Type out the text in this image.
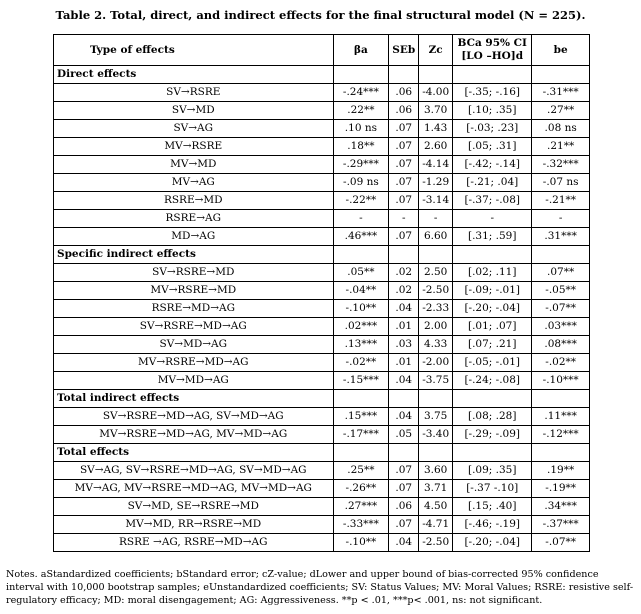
Table 2. Total, direct, and indirect effects for the final structural model (N = 225).
Type of effects	βa	SEb	Zc	BCa 95% CI [LO –HO]d	be
Direct effects					
SV→RSRE	-.24***	.06	-4.00	[-.35; -.16]	-.31***
SV→MD	.22**	.06	3.70	[.10; .35]	.27**
SV→AG	.10 ns	.07	1.43	[-.03; .23]	.08 ns
MV→RSRE	.18**	.07	2.60	[.05; .31]	.21**
MV→MD	-.29***	.07	-4.14	[-.42; -.14]	-.32***
MV→AG	-.09 ns	.07	-1.29	[-.21; .04]	-.07 ns
RSRE→MD	-.22**	.07	-3.14	[-.37; -.08]	-.21**
RSRE→AG	-	-	-	-	-
MD→AG	.46***	.07	6.60	[.31; .59]	.31***
Specific indirect effects					
SV→RSRE→MD	.05**	.02	2.50	[.02; .11]	.07**
MV→RSRE→MD	-.04**	.02	-2.50	[-.09; -.01]	-.05**
RSRE→MD→AG	-.10**	.04	-2.33	[-.20; -.04]	-.07**
SV→RSRE→MD→AG	.02***	.01	2.00	[.01; .07]	.03***
SV→MD→AG	.13***	.03	4.33	[.07; .21]	.08***
MV→RSRE→MD→AG	-.02**	.01	-2.00	[-.05; -.01]	-.02**
MV→MD→AG	-.15***	.04	-3.75	[-.24; -.08]	-.10***
Total indirect effects					
SV→RSRE→MD→AG, SV→MD→AG	.15***	.04	3.75	[.08; .28]	.11***
MV→RSRE→MD→AG, MV→MD→AG	-.17***	.05	-3.40	[-.29; -.09]	-.12***
Total effects					
SV→AG, SV→RSRE→MD→AG, SV→MD→AG	.25**	.07	3.60	[.09; .35]	.19**
MV→AG, MV→RSRE→MD→AG, MV→MD→AG	-.26**	.07	3.71	[-.37 -.10]	-.19**
SV→MD, SE→RSRE→MD	.27***	.06	4.50	[.15; .40]	.34***
MV→MD, RR→RSRE→MD	-.33***	.07	-4.71	[-.46; -.19]	-.37***
RSRE →AG, RSRE→MD→AG	-.10**	.04	-2.50	[-.20; -.04]	-.07**
Notes. aStandardized coefficients; bStandard error; cZ-value; dLower and upper bound of bias-corrected 95% confidence interval with 10,000 bootstrap samples; eUnstandardized coefficients; SV: Status Values; MV: Moral Values; RSRE: resistive self-regulatory efficacy; MD: moral disengagement; AG: Aggressiveness. **p < .01, ***p< .001, ns: not significant.
